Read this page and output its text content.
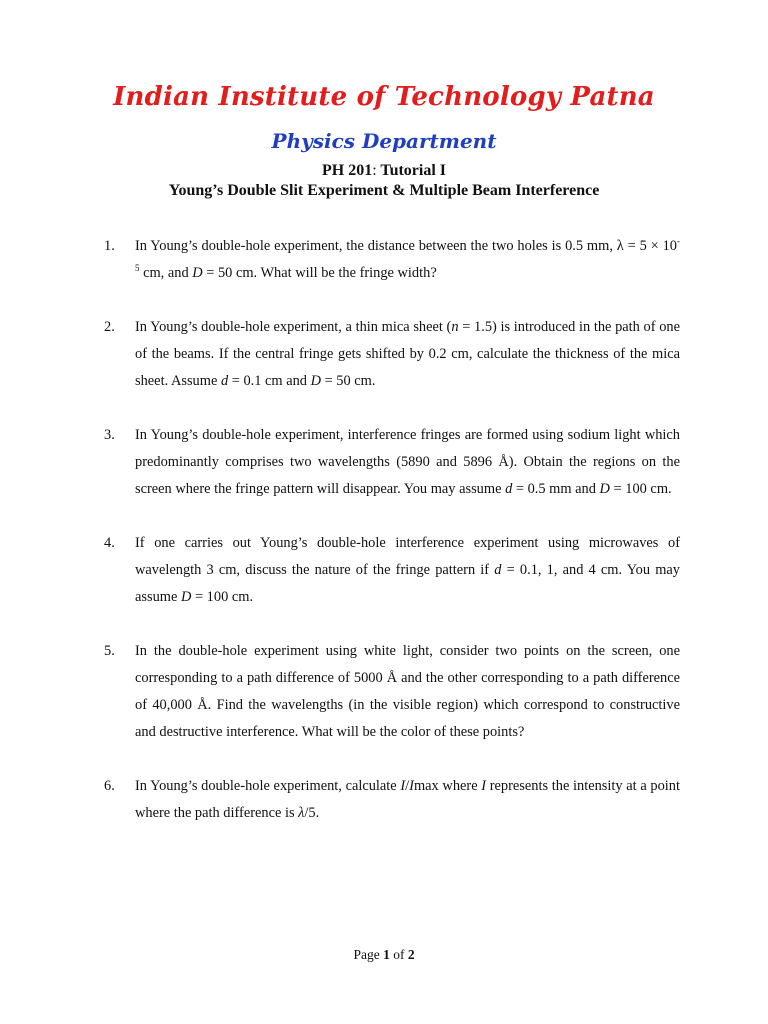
Indian Institute of Technology Patna
Physics Department
PH 201: Tutorial I
Young’s Double Slit Experiment & Multiple Beam Interference
1. In Young’s double-hole experiment, the distance between the two holes is 0.5 mm, $\lambda = 5 \times 10^{-5}$ cm, and D = 50 cm. What will be the fringe width?
2. In Young’s double-hole experiment, a thin mica sheet (n = 1.5) is introduced in the path of one of the beams. If the central fringe gets shifted by 0.2 cm, calculate the thickness of the mica sheet. Assume d = 0.1 cm and D = 50 cm.
3. In Young’s double-hole experiment, interference fringes are formed using sodium light which predominantly comprises two wavelengths (5890 and 5896 Å). Obtain the regions on the screen where the fringe pattern will disappear. You may assume d = 0.5 mm and D = 100 cm.
4. If one carries out Young’s double-hole interference experiment using microwaves of wavelength 3 cm, discuss the nature of the fringe pattern if d = 0.1, 1, and 4 cm. You may assume D = 100 cm.
5. In the double-hole experiment using white light, consider two points on the screen, one corresponding to a path difference of 5000 Å and the other corresponding to a path difference of 40,000 Å. Find the wavelengths (in the visible region) which correspond to constructive and destructive interference. What will be the color of these points?
6. In Young’s double-hole experiment, calculate I/Imax where I represents the intensity at a point where the path difference is λ/5.
Page 1 of 2
